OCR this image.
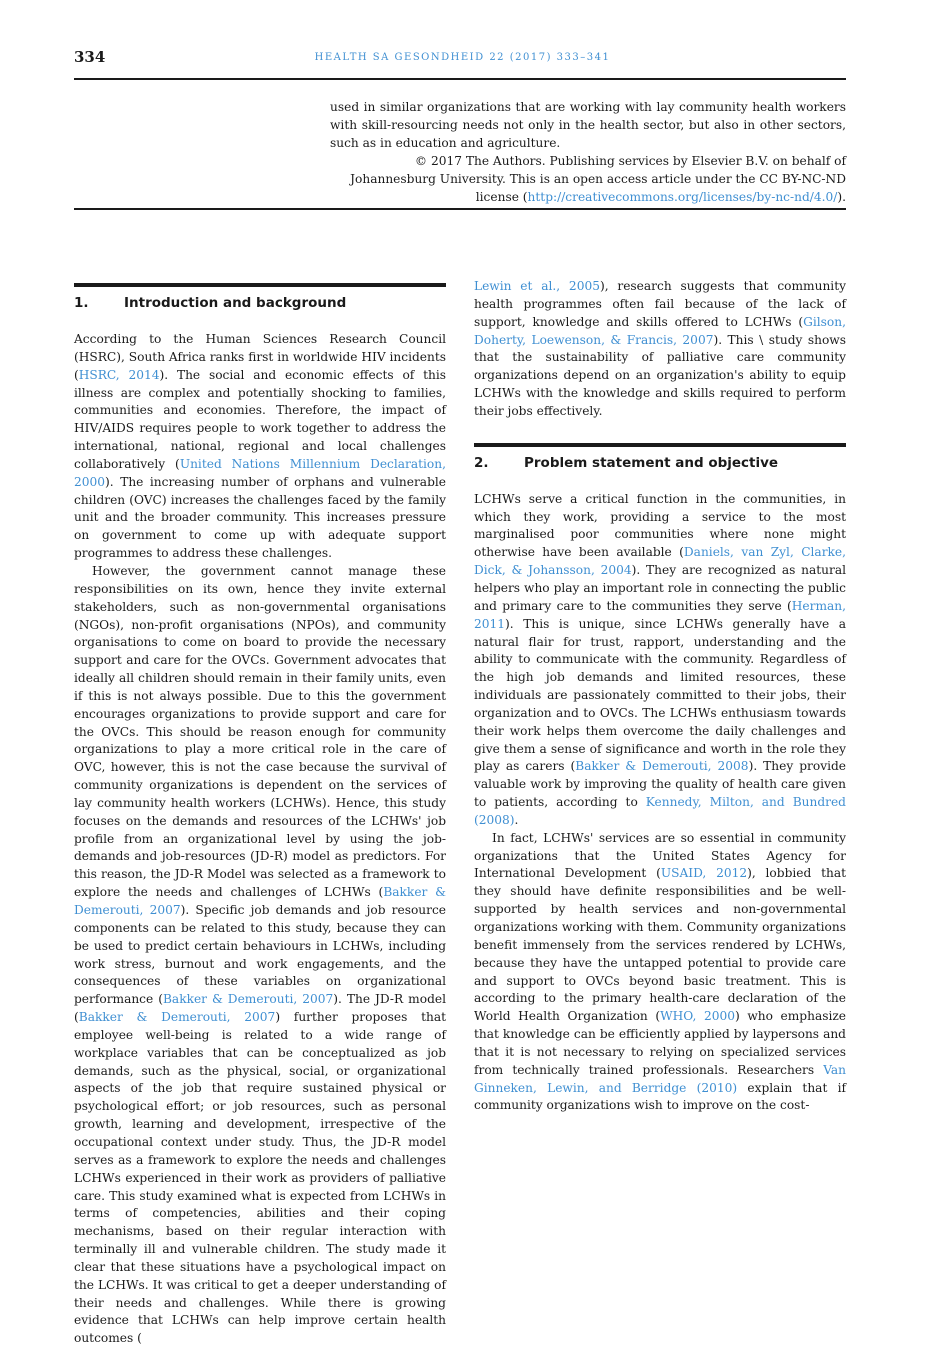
334	HEALTH SA GESONDHEID 22 (2017) 333–341

used in similar organizations that are working with lay community health workers with skill-resourcing needs not only in the health sector, but also in other sectors, such as in education and agriculture.

© 2017 The Authors. Publishing services by Elsevier B.V. on behalf of Johannesburg University. This is an open access article under the CC BY-NC-ND license (http://creativecommons.org/licenses/by-nc-nd/4.0/).

1.	Introduction and background

According to the Human Sciences Research Council (HSRC), South Africa ranks first in worldwide HIV incidents (HSRC, 2014). The social and economic effects of this illness are complex and potentially shocking to families, communities and economies. Therefore, the impact of HIV/AIDS requires people to work together to address the international, national, regional and local challenges collaboratively (United Nations Millennium Declaration, 2000). The increasing number of orphans and vulnerable children (OVC) increases the challenges faced by the family unit and the broader community. This increases pressure on government to come up with adequate support programmes to address these challenges.

However, the government cannot manage these responsibilities on its own, hence they invite external stakeholders, such as non-governmental organisations (NGOs), non-profit organisations (NPOs), and community organisations to come on board to provide the necessary support and care for the OVCs. Government advocates that ideally all children should remain in their family units, even if this is not always possible. Due to this the government encourages organizations to provide support and care for the OVCs. This should be reason enough for community organizations to play a more critical role in the care of OVC, however, this is not the case because the survival of community organizations is dependent on the services of lay community health workers (LCHWs). Hence, this study focuses on the demands and resources of the LCHWs' job profile from an organizational level by using the job-demands and job-resources (JD-R) model as predictors. For this reason, the JD-R Model was selected as a framework to explore the needs and challenges of LCHWs (Bakker & Demerouti, 2007). Specific job demands and job resource components can be related to this study, because they can be used to predict certain behaviours in LCHWs, including work stress, burnout and work engagements, and the consequences of these variables on organizational performance (Bakker & Demerouti, 2007). The JD-R model (Bakker & Demerouti, 2007) further proposes that employee well-being is related to a wide range of workplace variables that can be conceptualized as job demands, such as the physical, social, or organizational aspects of the job that require sustained physical or psychological effort; or job resources, such as personal growth, learning and development, irrespective of the occupational context under study. Thus, the JD-R model serves as a framework to explore the needs and challenges LCHWs experienced in their work as providers of palliative care. This study examined what is expected from LCHWs in terms of competencies, abilities and their coping mechanisms, based on their regular interaction with terminally ill and vulnerable children. The study made it clear that these situations have a psychological impact on the LCHWs. It was critical to get a deeper understanding of their needs and challenges. While there is growing evidence that LCHWs can help improve certain health outcomes (

Lewin et al., 2005), research suggests that community health programmes often fail because of the lack of support, knowledge and skills offered to LCHWs (Gilson, Doherty, Loewenson, & Francis, 2007). This \ study shows that the sustainability of palliative care community organizations depend on an organization's ability to equip LCHWs with the knowledge and skills required to perform their jobs effectively.

2.	Problem statement and objective

LCHWs serve a critical function in the communities, in which they work, providing a service to the most marginalised poor communities where none might otherwise have been available (Daniels, van Zyl, Clarke, Dick, & Johansson, 2004). They are recognized as natural helpers who play an important role in connecting the public and primary care to the communities they serve (Herman, 2011). This is unique, since LCHWs generally have a natural flair for trust, rapport, understanding and the ability to communicate with the community. Regardless of the high job demands and limited resources, these individuals are passionately committed to their jobs, their organization and to OVCs. The LCHWs enthusiasm towards their work helps them overcome the daily challenges and give them a sense of significance and worth in the role they play as carers (Bakker & Demerouti, 2008). They provide valuable work by improving the quality of health care given to patients, according to Kennedy, Milton, and Bundred (2008).

In fact, LCHWs' services are so essential in community organizations that the United States Agency for International Development (USAID, 2012), lobbied that they should have definite responsibilities and be well-supported by health services and non-governmental organizations working with them. Community organizations benefit immensely from the services rendered by LCHWs, because they have the untapped potential to provide care and support to OVCs beyond basic treatment. This is according to the primary health-care declaration of the World Health Organization (WHO, 2000) who emphasize that knowledge can be efficiently applied by laypersons and that it is not necessary to relying on specialized services from technically trained professionals. Researchers Van Ginneken, Lewin, and Berridge (2010) explain that if community organizations wish to improve on the cost-
